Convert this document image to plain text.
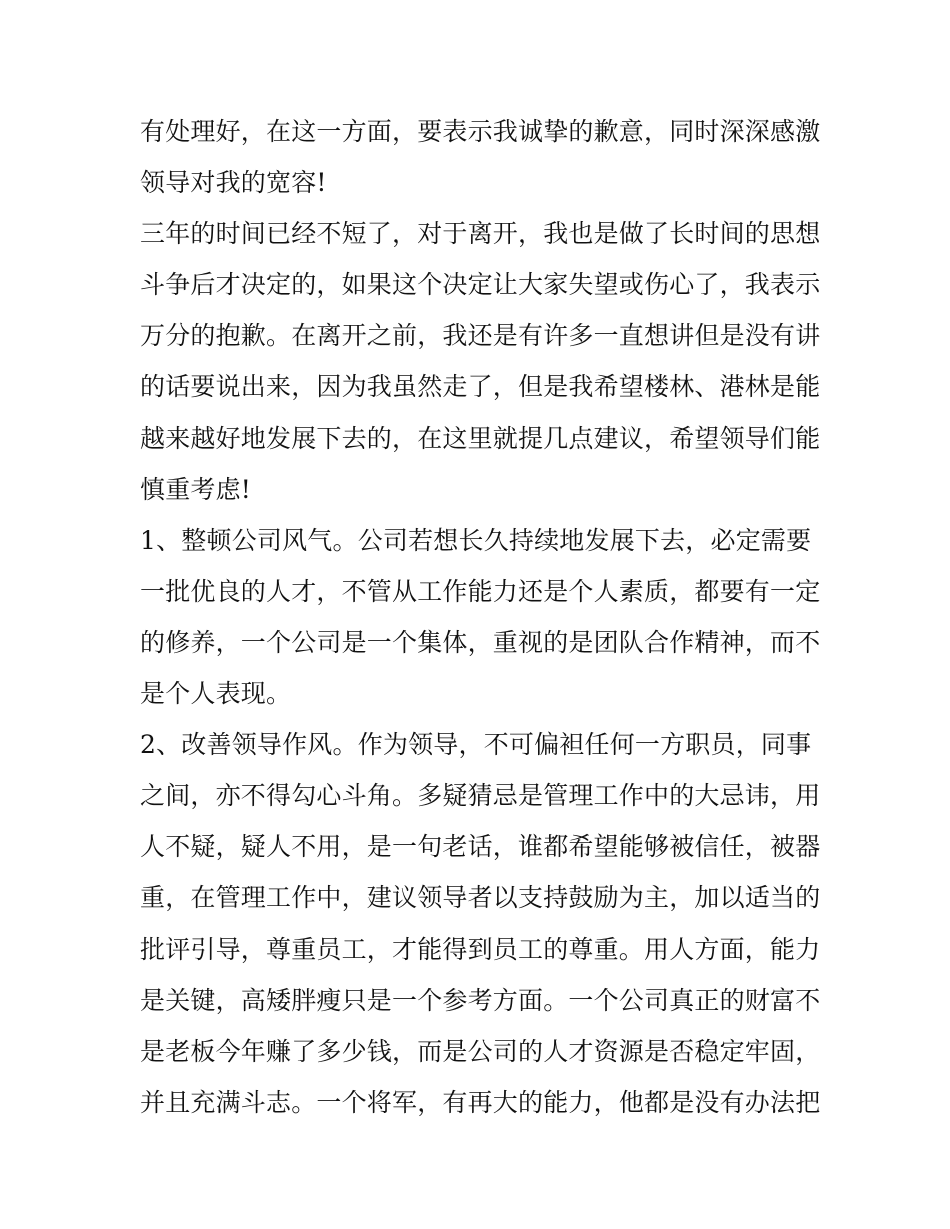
有处理好，在这一方面，要表示我诚挚的歉意，同时深深感激
领导对我的宽容!
三年的时间已经不短了，对于离开，我也是做了长时间的思想
斗争后才决定的，如果这个决定让大家失望或伤心了，我表示
万分的抱歉。在离开之前，我还是有许多一直想讲但是没有讲
的话要说出来，因为我虽然走了，但是我希望楼林、港林是能
越来越好地发展下去的，在这里就提几点建议，希望领导们能
慎重考虑!
1、整顿公司风气。公司若想长久持续地发展下去，必定需要
一批优良的人才，不管从工作能力还是个人素质，都要有一定
的修养，一个公司是一个集体，重视的是团队合作精神，而不
是个人表现。
2、改善领导作风。作为领导，不可偏袒任何一方职员，同事
之间，亦不得勾心斗角。多疑猜忌是管理工作中的大忌讳，用
人不疑，疑人不用，是一句老话，谁都希望能够被信任，被器
重，在管理工作中，建议领导者以支持鼓励为主，加以适当的
批评引导，尊重员工，才能得到员工的尊重。用人方面，能力
是关键，高矮胖瘦只是一个参考方面。一个公司真正的财富不
是老板今年赚了多少钱，而是公司的人才资源是否稳定牢固，
并且充满斗志。一个将军，有再大的能力，他都是没有办法把
